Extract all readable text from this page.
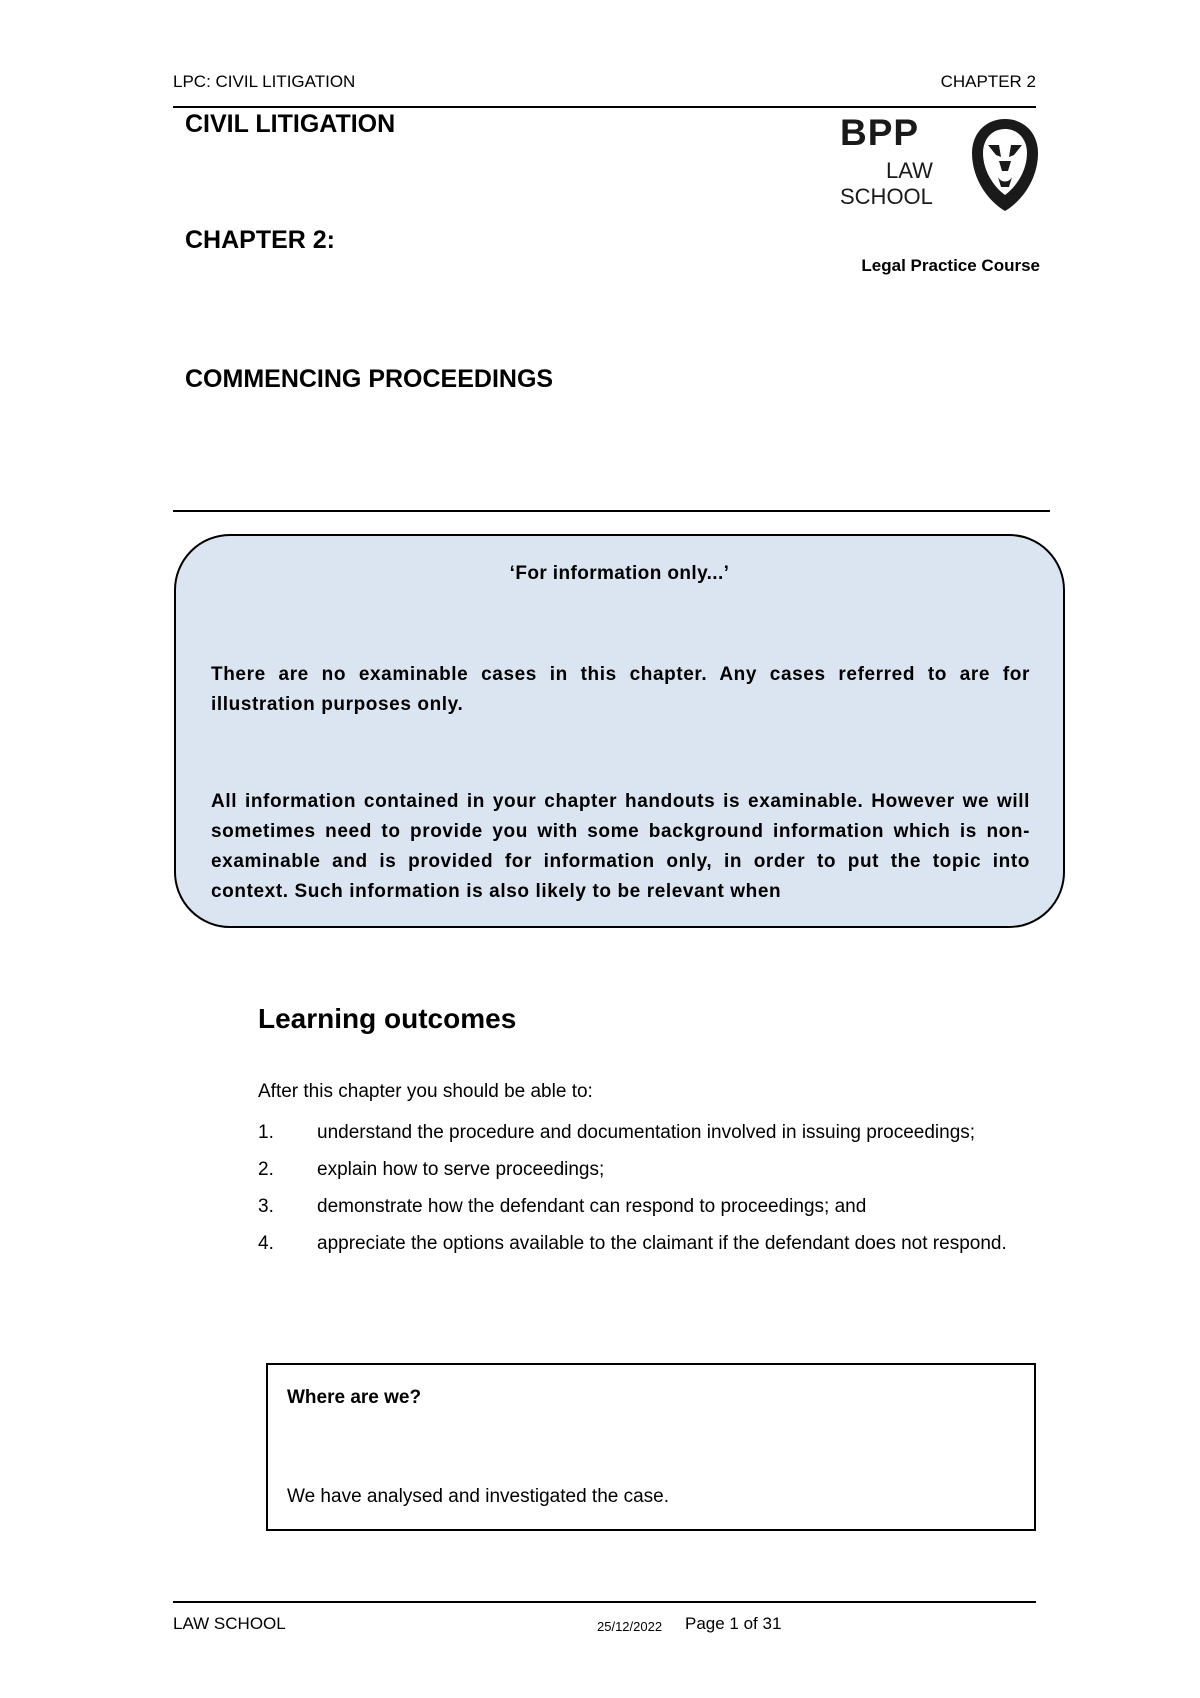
LPC: CIVIL LITIGATION	CHAPTER 2
CIVIL LITIGATION
CHAPTER 2:
COMMENCING PROCEEDINGS
BPP
LAW
SCHOOL
Legal Practice Course
‘For information only...’
There are no examinable cases in this chapter. Any cases referred to are for illustration purposes only.
All information contained in your chapter handouts is examinable. However we will sometimes need to provide you with some background information which is non-examinable and is provided for information only, in order to put the topic into context. Such information is also likely to be relevant when
Learning outcomes
After this chapter you should be able to:
1. understand the procedure and documentation involved in issuing proceedings;
2. explain how to serve proceedings;
3. demonstrate how the defendant can respond to proceedings; and
4. appreciate the options available to the claimant if the defendant does not respond.
Where are we?
We have analysed and investigated the case.
LAW SCHOOL	25/12/2022 Page 1 of 31
